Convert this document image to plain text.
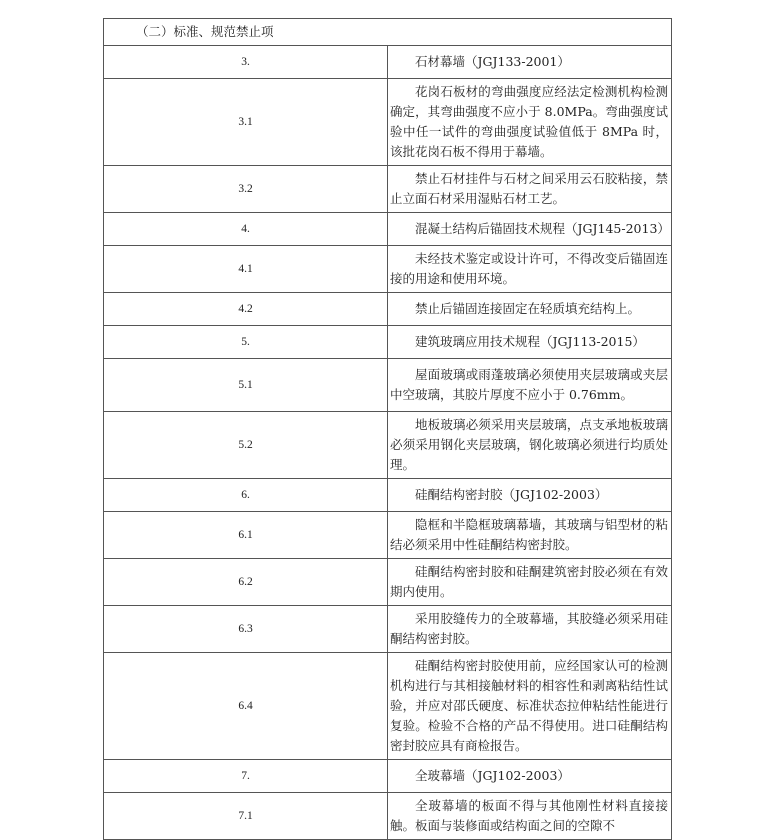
（二）标准、规范禁止项	
3.	石材幕墙（JGJ133-2001）

3.1	花岗石板材的弯曲强度应经法定检测机构检测确定，其弯曲强度不应小于 8.0MPa。弯曲强度试验中任一试件的弯曲强度试验值低于 8MPa 时，该批花岗石板不得用于幕墙。

3.2	禁止石材挂件与石材之间采用云石胶粘接，禁止立面石材采用湿贴石材工艺。

4.	混凝土结构后锚固技术规程（JGJ145-2013）

4.1	未经技术鉴定或设计许可，不得改变后锚固连接的用途和使用环境。

4.2	禁止后锚固连接固定在轻质填充结构上。

5.	建筑玻璃应用技术规程（JGJ113-2015）

5.1	屋面玻璃或雨蓬玻璃必须使用夹层玻璃或夹层中空玻璃，其胶片厚度不应小于 0.76mm。

5.2	地板玻璃必须采用夹层玻璃，点支承地板玻璃必须采用钢化夹层玻璃，钢化玻璃必须进行均质处理。

6.	硅酮结构密封胶（JGJ102-2003）

6.1	隐框和半隐框玻璃幕墙，其玻璃与铝型材的粘结必须采用中性硅酮结构密封胶。

6.2	硅酮结构密封胶和硅酮建筑密封胶必须在有效期内使用。

6.3	采用胶缝传力的全玻幕墙，其胶缝必须采用硅酮结构密封胶。

6.4	硅酮结构密封胶使用前，应经国家认可的检测机构进行与其相接触材料的相容性和剥离粘结性试验，并应对邵氏硬度、标准状态拉伸粘结性能进行复验。检验不合格的产品不得使用。进口硅酮结构密封胶应具有商检报告。

7.	全玻幕墙（JGJ102-2003）

7.1	全玻幕墙的板面不得与其他刚性材料直接接触。板面与装修面或结构面之间的空隙不
